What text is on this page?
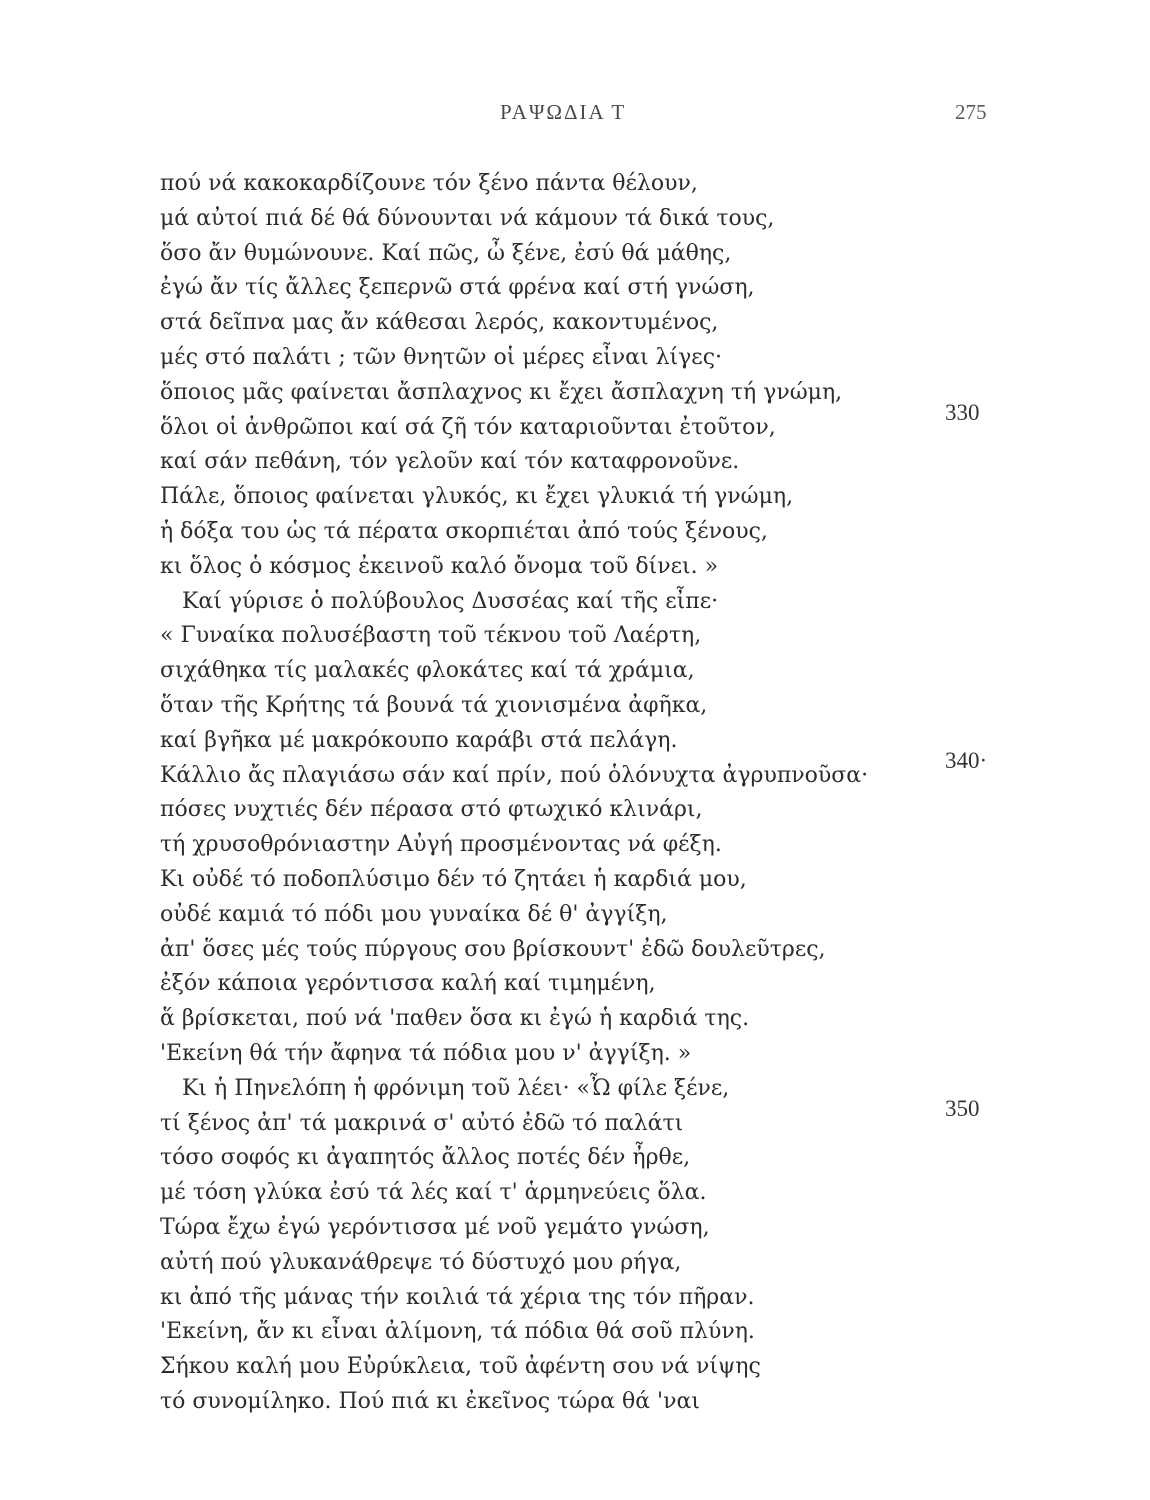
ΡΑΨΩΔΙΑ Τ	275
πού νά κακοκαρδίζουνε τόν ξένο πάντα θέλουν,
μά αὐτοί πιά δέ θά δύνουνται νά κάμουν τά δικά τους,
ὅσο ἄν θυμώνουνε. Καί πῶς, ὦ ξένε, ἐσύ θά μάθης,
ἐγώ ἄν τίς ἄλλες ξεπερνῶ στά φρένα καί στή γνώση,
στά δεῖπνα μας ἄν κάθεσαι λερός, κακοντυμένος,
μές στό παλάτι ; τῶν θνητῶν οἱ μέρες εἶναι λίγες·
ὅποιος μᾶς φαίνεται ἄσπλαχνος κι ἔχει ἄσπλαχνη τή γνώμη,
ὅλοι οἱ ἀνθρῶποι καί σά ζῆ τόν καταριοῦνται ἐτοῦτον,
καί σάν πεθάνη, τόν γελοῦν καί τόν καταφρονοῦνε.
Πάλε, ὅποιος φαίνεται γλυκός, κι ἔχει γλυκιά τή γνώμη,
ἡ δόξα του ὡς τά πέρατα σκορπιέται ἀπό τούς ξένους,
κι ὅλος ὁ κόσμος ἐκεινοῦ καλό ὄνομα τοῦ δίνει. »
Καί γύρισε ὁ πολύβουλος Δυσσέας καί τῆς εἶπε·
« Γυναίκα πολυσέβαστη τοῦ τέκνου τοῦ Λαέρτη,
σιχάθηκα τίς μαλακές φλοκάτες καί τά χράμια,
ὅταν τῆς Κρήτης τά βουνά τά χιονισμένα ἀφῆκα,
καί βγῆκα μέ μακρόκουπο καράβι στά πελάγη.
Κάλλιο ἄς πλαγιάσω σάν καί πρίν, πού ὁλόνυχτα ἀγρυπνοῦσα·
πόσες νυχτιές δέν πέρασα στό φτωχικό κλινάρι,
τή χρυσοθρόνιαστην Αὐγή προσμένοντας νά φέξη.
Κι οὐδέ τό ποδοπλύσιμο δέν τό ζητάει ἡ καρδιά μου,
οὐδέ καμιά τό πόδι μου γυναίκα δέ θ' ἀγγίξη,
ἀπ' ὅσες μές τούς πύργους σου βρίσκουντ' ἐδῶ δουλεῦτρες,
ἐξόν κάποια γερόντισσα καλή καί τιμημένη,
ἅ βρίσκεται, πού νά 'παθεν ὅσα κι ἐγώ ἡ καρδιά της.
'Εκείνη θά τήν ἄφηνα τά πόδια μου ν' ἀγγίξη. »
Κι ἡ Πηνελόπη ἡ φρόνιμη τοῦ λέει· «Ὦ φίλε ξένε,
τί ξένος ἀπ' τά μακρινά σ' αὐτό ἐδῶ τό παλάτι
τόσο σοφός κι ἀγαπητός ἄλλος ποτές δέν ἦρθε,
μέ τόση γλύκα ἐσύ τά λές καί τ' ἁρμηνεύεις ὅλα.
Τώρα ἔχω ἐγώ γερόντισσα μέ νοῦ γεμάτο γνώση,
αὐτή πού γλυκανάθρεψε τό δύστυχό μου ρήγα,
κι ἀπό τῆς μάνας τήν κοιλιά τά χέρια της τόν πῆραν.
'Εκείνη, ἄν κι εἶναι ἀλίμονη, τά πόδια θά σοῦ πλύνη.
Σήκου καλή μου Εὐρύκλεια, τοῦ ἀφέντη σου νά νίψης
τό συνομίληκο. Πού πιά κι ἐκεῖνος τώρα θά 'ναι
330
340·
350
